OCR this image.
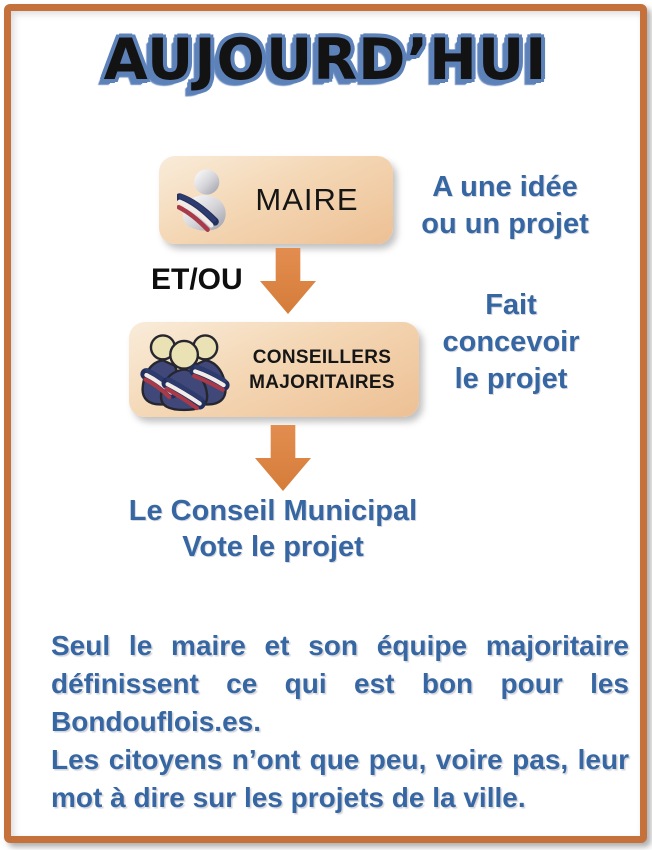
AUJOURD’HUI
MAIRE
ET/OU
CONSEILLERS
MAJORITAIRES
Le Conseil Municipal
Vote le projet
A une idée
ou un projet
Fait concevoir
le projet
Seul le maire et son équipe majoritaire
définissent ce qui est bon pour les
Bondouflois.es.
Les citoyens n’ont que peu, voire pas, leur
mot à dire sur les projets de la ville.
